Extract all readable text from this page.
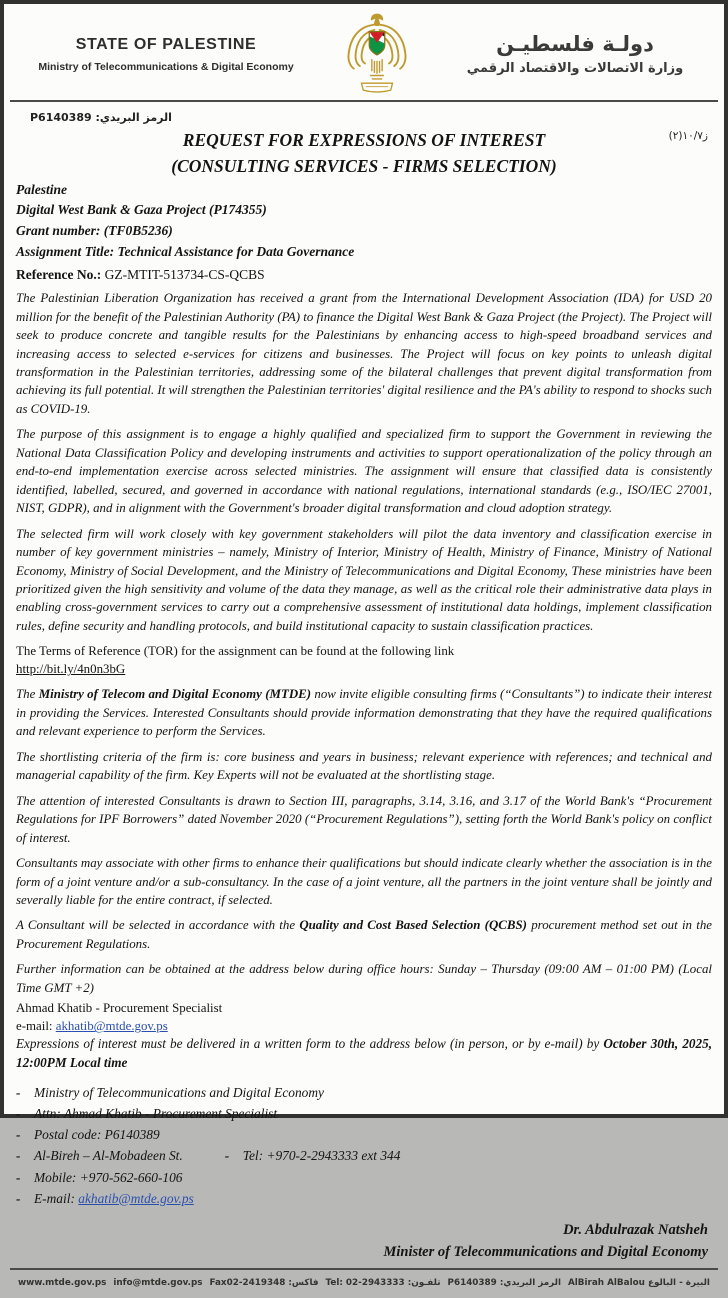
STATE OF PALESTINE
Ministry of Telecommunications & Digital Economy
دولـة فلسطيـن
وزارة الاتصالات والاقتصاد الرقمي
الرمز البريدي: P6140389
ز١٠/٧(٢)
REQUEST FOR EXPRESSIONS OF INTEREST
(CONSULTING SERVICES - FIRMS SELECTION)
Palestine
Digital West Bank & Gaza Project (P174355)
Grant number: (TF0B5236)
Assignment Title: Technical Assistance for Data Governance
Reference No.: GZ-MTIT-513734-CS-QCBS

The Palestinian Liberation Organization has received a grant from the International Development Association (IDA) for USD 20 million for the benefit of the Palestinian Authority (PA) to finance the Digital West Bank & Gaza Project (the Project). The Project will seek to produce concrete and tangible results for the Palestinians by enhancing access to high-speed broadband services and increasing access to selected e-services for citizens and businesses. The Project will focus on key points to unleash digital transformation in the Palestinian territories, addressing some of the bilateral challenges that prevent digital transformation from achieving its full potential. It will strengthen the Palestinian territories' digital resilience and the PA's ability to respond to shocks such as COVID-19.

The purpose of this assignment is to engage a highly qualified and specialized firm to support the Government in reviewing the National Data Classification Policy and developing instruments and activities to support operationalization of the policy through an end-to-end implementation exercise across selected ministries. The assignment will ensure that classified data is consistently identified, labelled, secured, and governed in accordance with national regulations, international standards (e.g., ISO/IEC 27001, NIST, GDPR), and in alignment with the Government's broader digital transformation and cloud adoption strategy.

The selected firm will work closely with key government stakeholders will pilot the data inventory and classification exercise in number of key government ministries – namely, Ministry of Interior, Ministry of Health, Ministry of Finance, Ministry of National Economy, Ministry of Social Development, and the Ministry of Telecommunications and Digital Economy, These ministries have been prioritized given the high sensitivity and volume of the data they manage, as well as the critical role their administrative data plays in enabling cross-government services to carry out a comprehensive assessment of institutional data holdings, implement classification rules, define security and handling protocols, and build institutional capacity to sustain classification practices.

The Terms of Reference (TOR) for the assignment can be found at the following link

http://bit.ly/4n0n3bG

The Ministry of Telecom and Digital Economy (MTDE) now invite eligible consulting firms (“Consultants”) to indicate their interest in providing the Services. Interested Consultants should provide information demonstrating that they have the required qualifications and relevant experience to perform the Services.

The shortlisting criteria of the firm is: core business and years in business; relevant experience with references; and technical and managerial capability of the firm. Key Experts will not be evaluated at the shortlisting stage.

The attention of interested Consultants is drawn to Section III, paragraphs, 3.14, 3.16, and 3.17 of the World Bank's “Procurement Regulations for IPF Borrowers” dated November 2020 (“Procurement Regulations”), setting forth the World Bank's policy on conflict of interest.

Consultants may associate with other firms to enhance their qualifications but should indicate clearly whether the association is in the form of a joint venture and/or a sub-consultancy. In the case of a joint venture, all the partners in the joint venture shall be jointly and severally liable for the entire contract, if selected.

A Consultant will be selected in accordance with the Quality and Cost Based Selection (QCBS) procurement method set out in the Procurement Regulations.

Further information can be obtained at the address below during office hours: Sunday – Thursday (09:00 AM – 01:00 PM) (Local Time GMT +2)

Ahmad Khatib - Procurement Specialist

e-mail: akhatib@mtde.gov.ps

Expressions of interest must be delivered in a written form to the address below (in person, or by e-mail) by October 30th, 2025, 12:00PM Local time

-	Ministry of Telecommunications and Digital Economy
-	Attn: Ahmad Khatib - Procurement Specialist
-	Postal code: P6140389
-	Al-Bireh – Al-Mobadeen St.	-	Tel: +970-2-2943333 ext 344
-	Mobile: +970-562-660-106
-	E-mail: akhatib@mtde.gov.ps
Dr. Abdulrazak Natsheh
Minister of Telecommunications and Digital Economy
www.mtde.gov.ps info@mtde.gov.ps فاكس: Fax02-2419348 تلفـون: Tel: 02-2943333 الرمز البريدي: P6140389 البيرة - البالوع AlBirah AlBalou
